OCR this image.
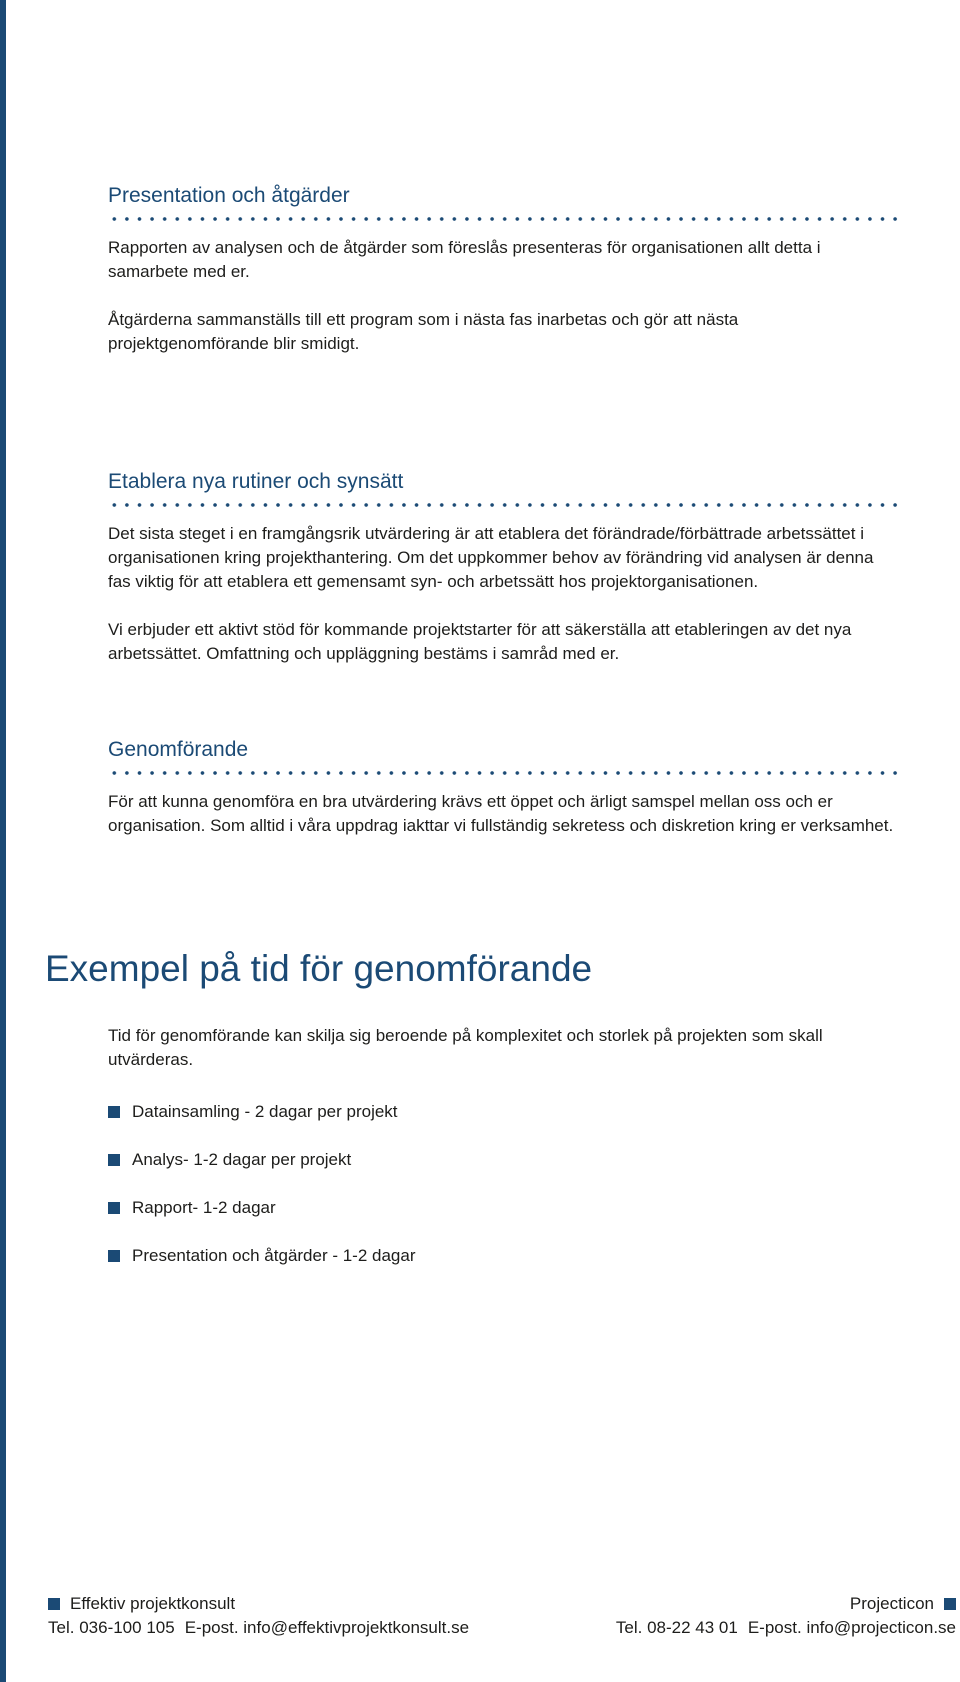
Presentation och åtgärder

Rapporten av analysen och de åtgärder som föreslås presenteras för organisationen allt detta i samarbete med er.

Åtgärderna sammanställs till ett program som i nästa fas inarbetas och gör att nästa projektgenomförande blir smidigt.

Etablera nya rutiner och synsätt

Det sista steget i en framgångsrik utvärdering är att etablera det förändrade/förbättrade arbetssättet i organisationen kring projekthantering. Om det uppkommer behov av förändring vid analysen är denna fas viktig för att etablera ett gemensamt syn- och arbetssätt hos projektorganisationen.

Vi erbjuder ett aktivt stöd för kommande projektstarter för att säkerställa att etableringen av det nya arbetssättet. Omfattning och uppläggning bestäms i samråd med er.

Genomförande

För att kunna genomföra en bra utvärdering krävs ett öppet och ärligt samspel mellan oss och er organisation. Som alltid i våra uppdrag iakttar vi fullständig sekretess och diskretion kring er verksamhet.

Exempel på tid för genomförande

Tid för genomförande kan skilja sig beroende på komplexitet och storlek på projekten som skall utvärderas.

Datainsamling - 2 dagar per projekt
Analys- 1-2 dagar per projekt
Rapport- 1-2 dagar
Presentation och åtgärder - 1-2 dagar
Effektiv projektkonsult
Tel.
036-100 105 E-post.
info@effektivprojektkonsult.se
Projecticon
Tel.
08-22 43 01 E-post.
info@projecticon.se
